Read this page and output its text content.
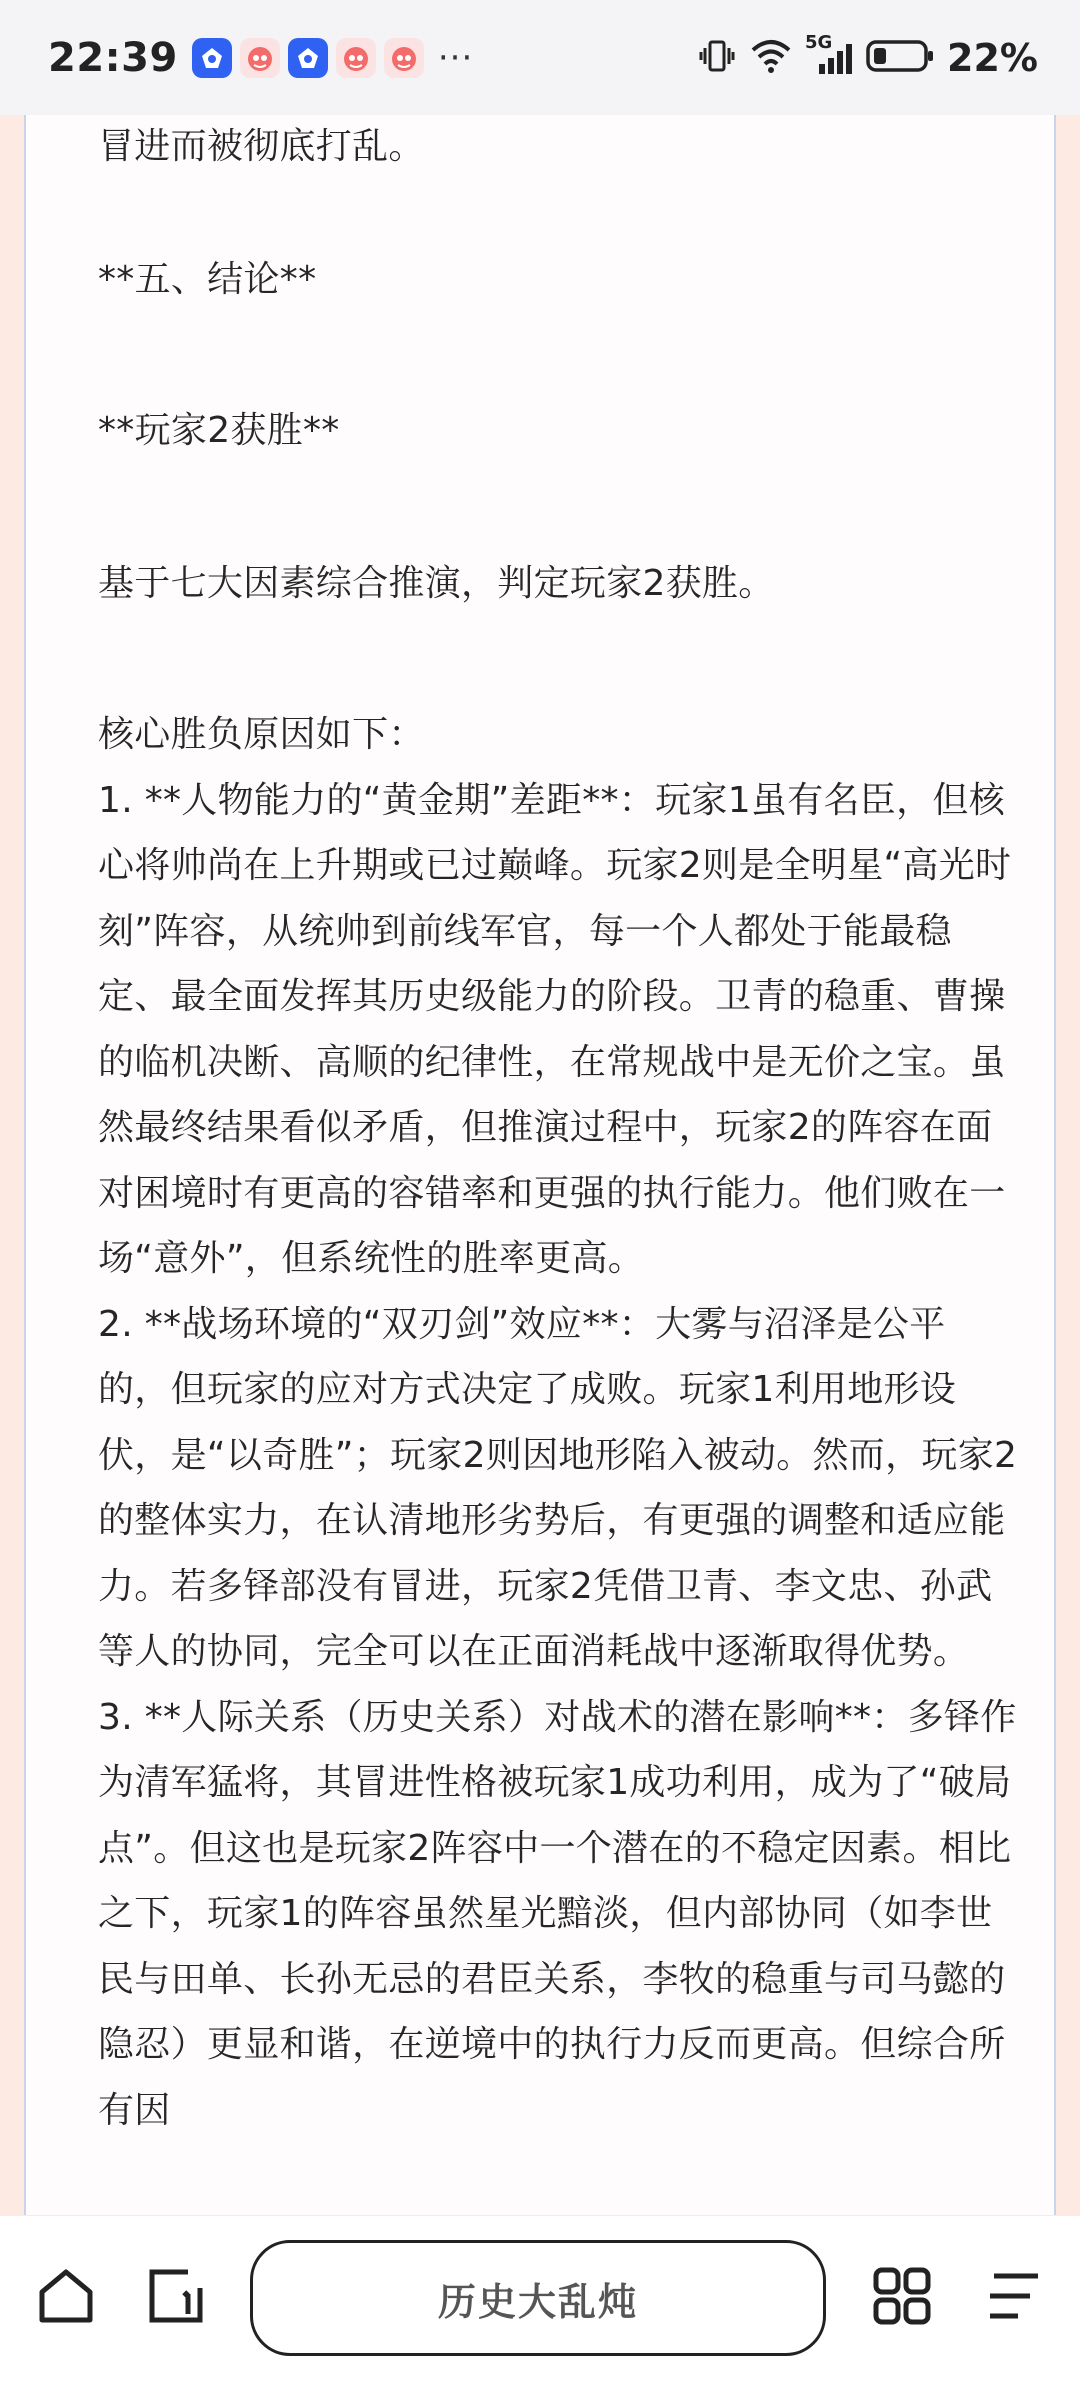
22:39	···	5G	22%

冒进而被彻底打乱。

**五、结论**

**玩家2获胜**

基于七大因素综合推演，判定玩家2获胜。

核心胜负原因如下：

1. **人物能力的“黄金期”差距**：玩家1虽有名臣，但核心将帅尚在上升期或已过巅峰。玩家2则是全明星“高光时刻”阵容，从统帅到前线军官，每一个人都处于能最稳定、最全面发挥其历史级能力的阶段。卫青的稳重、曹操的临机决断、高顺的纪律性，在常规战中是无价之宝。虽然最终结果看似矛盾，但推演过程中，玩家2的阵容在面对困境时有更高的容错率和更强的执行能力。他们败在一场“意外”，但系统性的胜率更高。

2. **战场环境的“双刃剑”效应**：大雾与沼泽是公平的，但玩家的应对方式决定了成败。玩家1利用地形设伏，是“以奇胜”；玩家2则因地形陷入被动。然而，玩家2的整体实力，在认清地形劣势后，有更强的调整和适应能力。若多铎部没有冒进，玩家2凭借卫青、李文忠、孙武等人的协同，完全可以在正面消耗战中逐渐取得优势。

3. **人际关系（历史关系）对战术的潜在影响**：多铎作为清军猛将，其冒进性格被玩家1成功利用，成为了“破局点”。但这也是玩家2阵容中一个潜在的不稳定因素。相比之下，玩家1的阵容虽然星光黯淡，但内部协同（如李世民与田单、长孙无忌的君臣关系，李牧的稳重与司马懿的隐忍）更显和谐，在逆境中的执行力反而更高。但综合所有因

历史大乱炖
